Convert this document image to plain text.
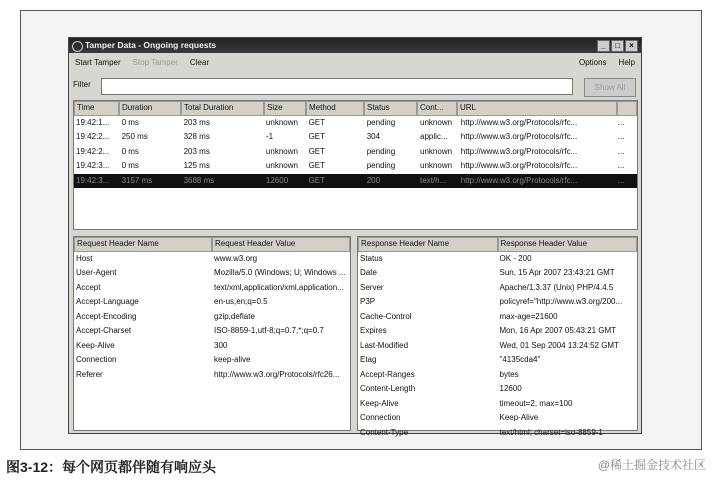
Tamper Data - Ongoing requests	_	□	×
Start Tamper Stop Tamper Clear	Options Help
Filter	Show All
Time	Duration	Total Duration	Size	Method	Status	Cont...	URL
19:42:1...	0 ms	203 ms	unknown	GET	pending	unknown	http://www.w3.org/Protocols/rfc...	...
19:42:2...	250 ms	328 ms	-1	GET	304	applic...	http://www.w3.org/Protocols/rfc...	...
19:42:2...	0 ms	203 ms	unknown	GET	pending	unknown	http://www.w3.org/Protocols/rfc...	...
19:42:3...	0 ms	125 ms	unknown	GET	pending	unknown	http://www.w3.org/Protocols/rfc...	...
19:42:3...	3157 ms	3688 ms	12600	GET	200	text/h...	http://www.w3.org/Protocols/rfc...	...
Request Header Name	Request Header Value
Host	www.w3.org
User-Agent	Mozilla/5.0 (Windows; U; Windows ...
Accept	text/xml,application/xml,application...
Accept-Language	en-us,en;q=0.5
Accept-Encoding	gzip,deflate
Accept-Charset	ISO-8859-1,utf-8;q=0.7,*;q=0.7
Keep-Alive	300
Connection	keep-alive
Referer	http://www.w3.org/Protocols/rfc26...
Response Header Name	Response Header Value
Status	OK - 200
Date	Sun, 15 Apr 2007 23:43:21 GMT
Server	Apache/1.3.37 (Unix) PHP/4.4.5
P3P	policyref="http://www.w3.org/200...
Cache-Control	max-age=21600
Expires	Mon, 16 Apr 2007 05:43:21 GMT
Last-Modified	Wed, 01 Sep 2004 13:24:52 GMT
Etag	"4135cda4"
Accept-Ranges	bytes
Content-Length	12600
Keep-Alive	timeout=2, max=100
Connection	Keep-Alive
Content-Type	text/html; charset=iso-8859-1
图3-12：每个网页都伴随有响应头	@稀土掘金技术社区
